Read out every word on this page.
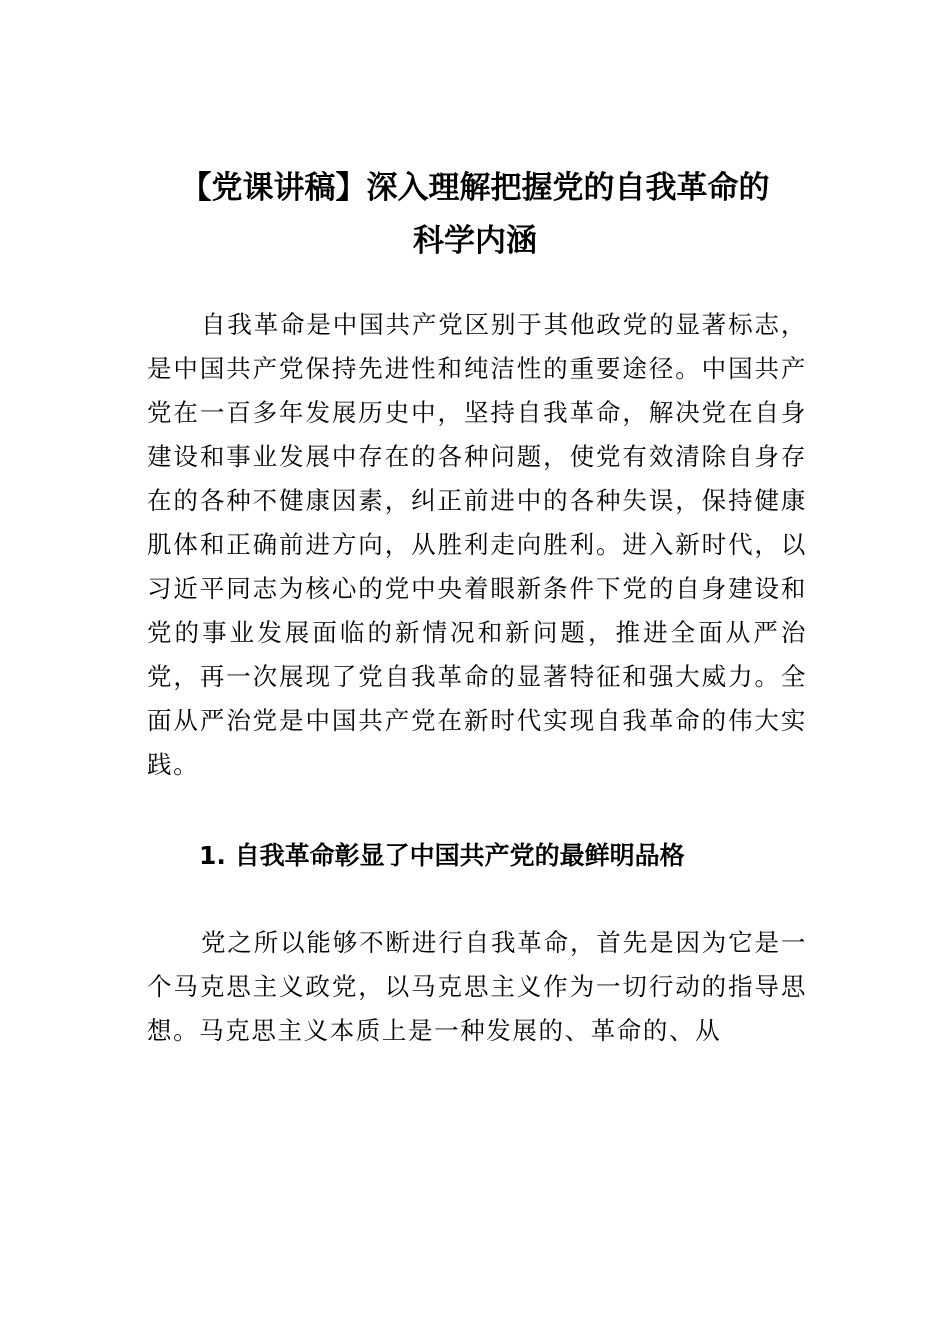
【党课讲稿】深入理解把握党的自我革命的
科学内涵

自我革命是中国共产党区别于其他政党的显著标志，是中国共产党保持先进性和纯洁性的重要途径。中国共产党在一百多年发展历史中，坚持自我革命，解决党在自身建设和事业发展中存在的各种问题，使党有效清除自身存在的各种不健康因素，纠正前进中的各种失误，保持健康肌体和正确前进方向，从胜利走向胜利。进入新时代，以习近平同志为核心的党中央着眼新条件下党的自身建设和党的事业发展面临的新情况和新问题，推进全面从严治党，再一次展现了党自我革命的显著特征和强大威力。全面从严治党是中国共产党在新时代实现自我革命的伟大实践。

1. 自我革命彰显了中国共产党的最鲜明品格

党之所以能够不断进行自我革命，首先是因为它是一个马克思主义政党，以马克思主义作为一切行动的指导思想。马克思主义本质上是一种发展的、革命的、从
